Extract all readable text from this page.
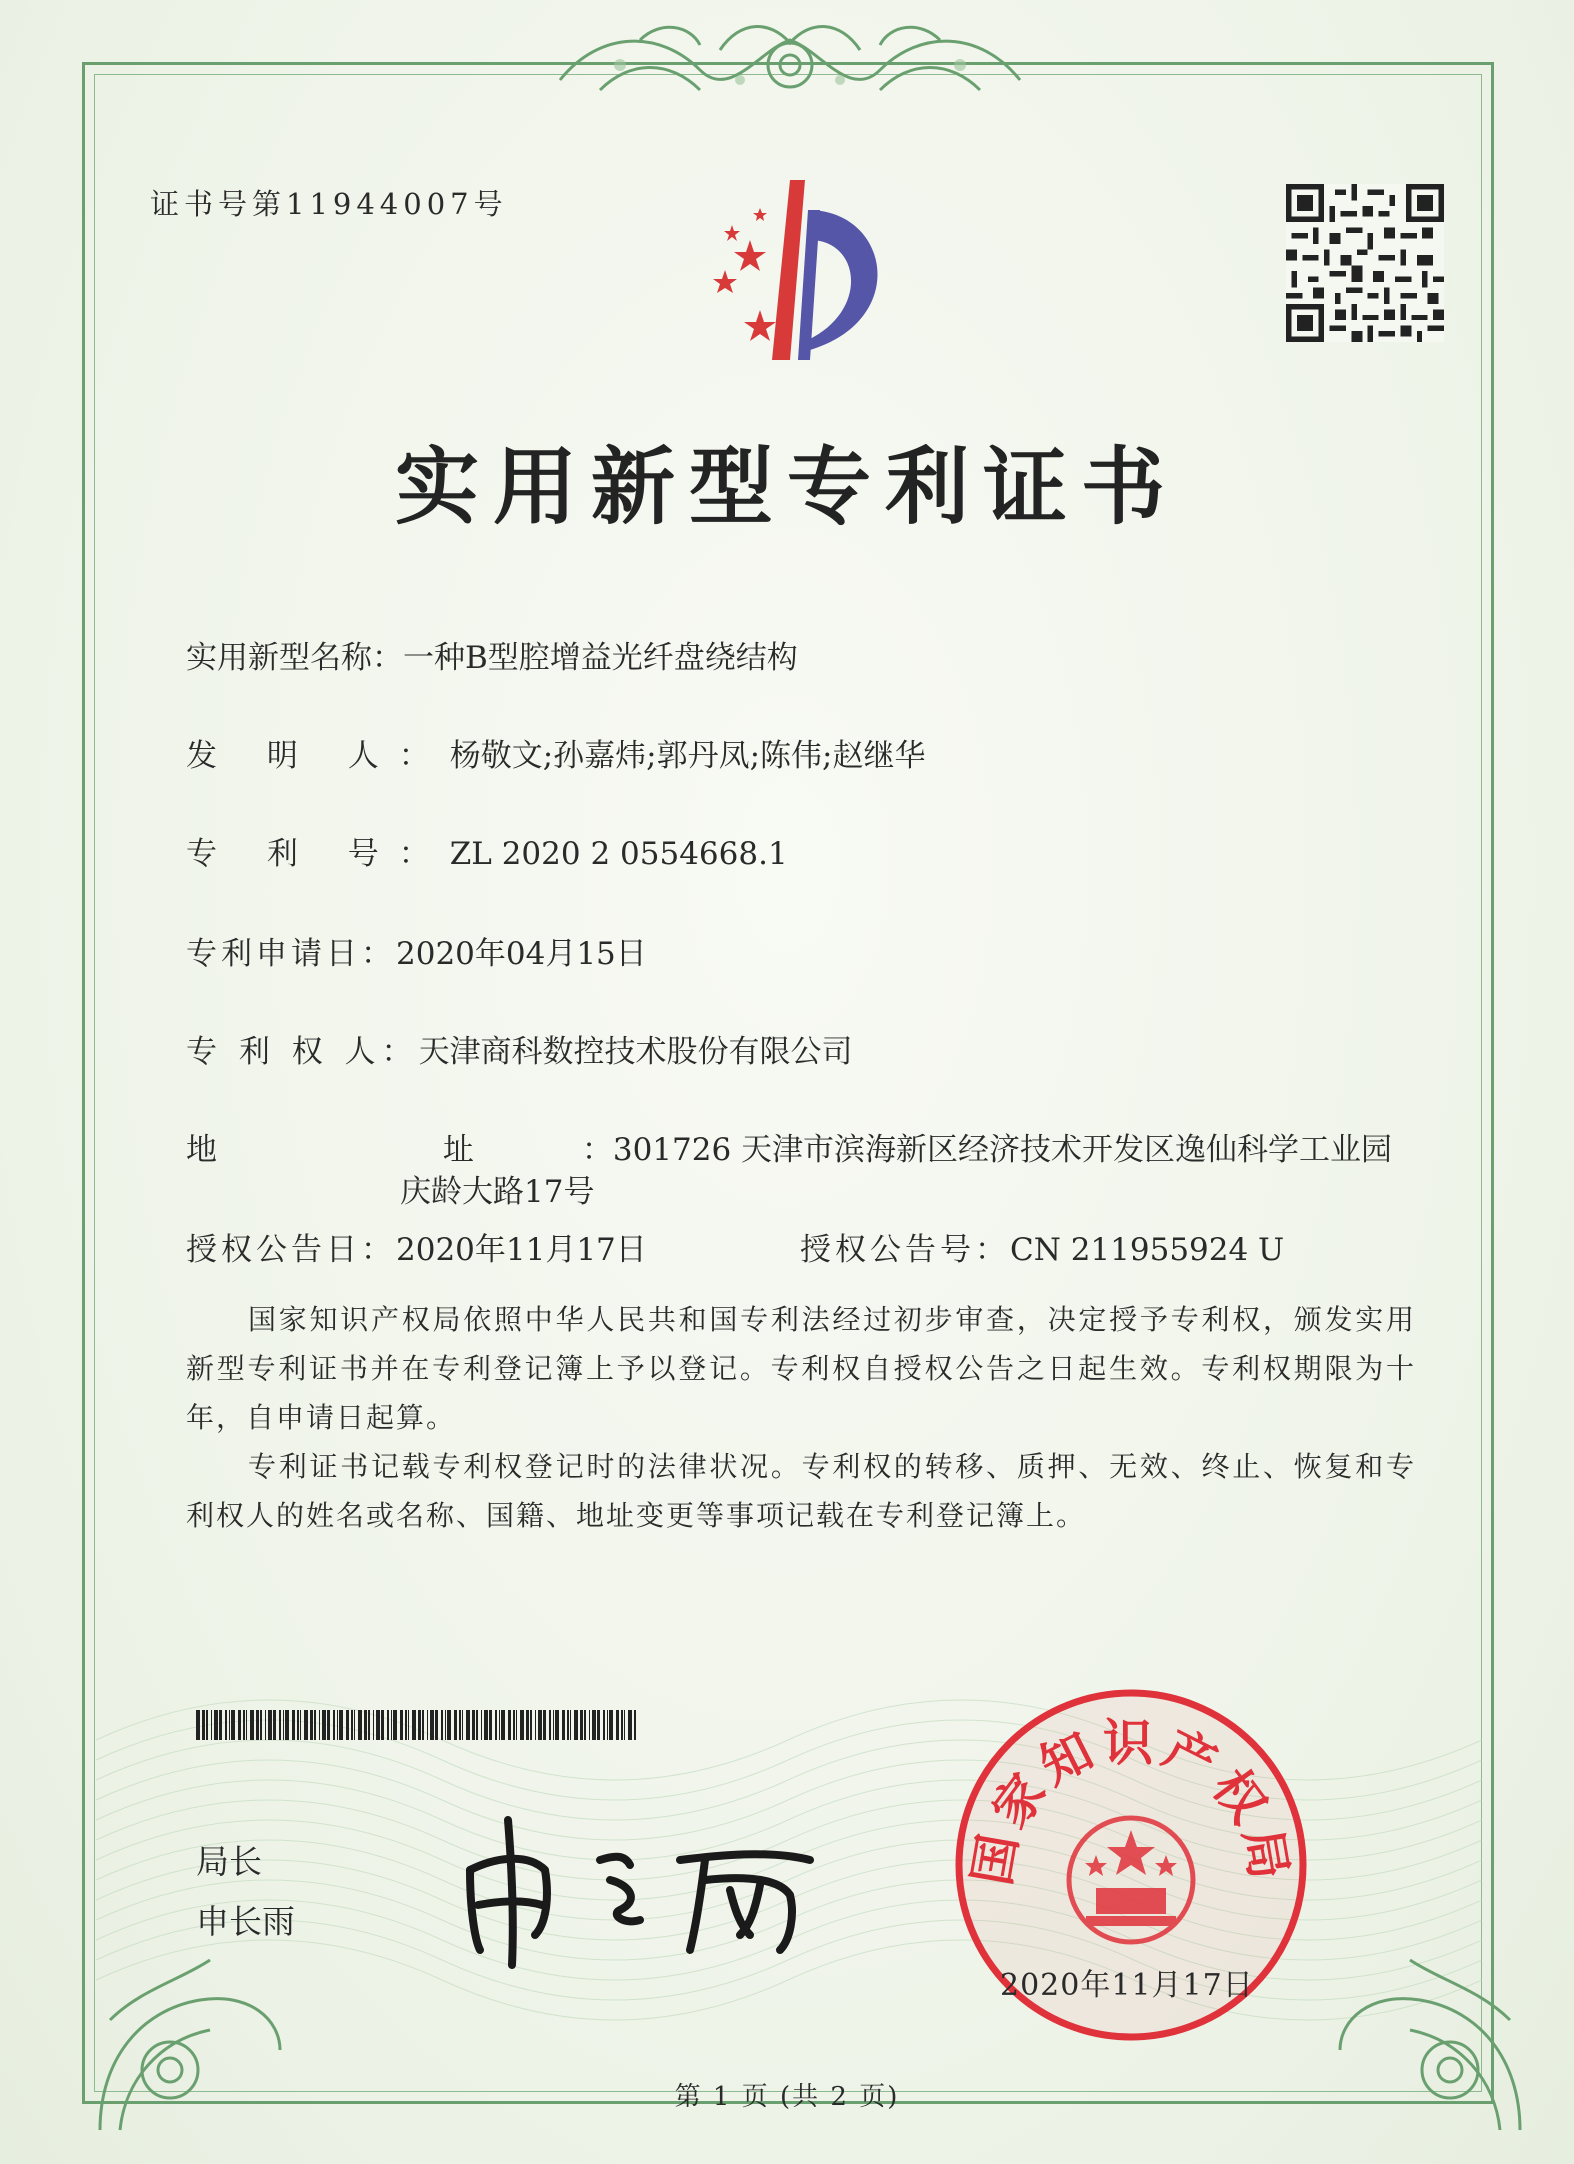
证书号第11944007号
实用新型专利证书
实用新型名称：一种B型腔增益光纤盘绕结构
发 明 人：杨敬文;孙嘉炜;郭丹凤;陈伟;赵继华
专 利 号：ZL 2020 2 0554668.1
专利申请日：2020年04月15日
专 利 权 人：天津商科数控技术股份有限公司
地 址：301726 天津市滨海新区经济技术开发区逸仙科学工业园
庆龄大路17号
授权公告日：2020年11月17日	授权公告号：CN 211955924 U

国家知识产权局依照中华人民共和国专利法经过初步审查，决定授予专利权，颁发实用新型专利证书并在专利登记簿上予以登记。专利权自授权公告之日起生效。专利权期限为十年，自申请日起算。

专利证书记载专利权登记时的法律状况。专利权的转移、质押、无效、终止、恢复和专利权人的姓名或名称、国籍、地址变更等事项记载在专利登记簿上。

局长
申长雨
国家知识产权局
2020年11月17日
第 1 页 (共 2 页)
